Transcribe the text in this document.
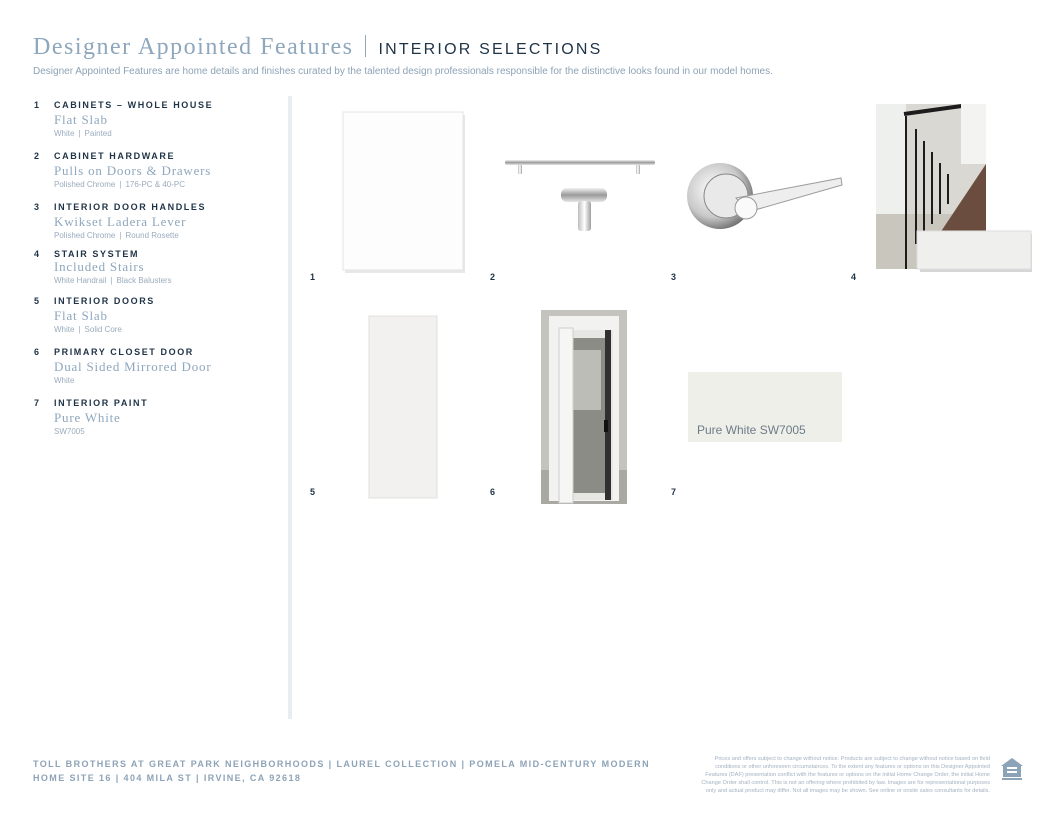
Designer Appointed Features INTERIOR SELECTIONS
Designer Appointed Features are home details and finishes curated by the talented design professionals responsible for the distinctive looks found in our model homes.
1	CABINETS – WHOLE HOUSE
Flat Slab
White | Painted
2	CABINET HARDWARE
Pulls on Doors & Drawers
Polished Chrome | 176-PC & 40-PC
3	INTERIOR DOOR HANDLES
Kwikset Ladera Lever
Polished Chrome | Round Rosette
4	STAIR SYSTEM
Included Stairs
White Handrail | Black Balusters
5	INTERIOR DOORS
Flat Slab
White | Solid Core
6	PRIMARY CLOSET DOOR
Dual Sided Mirrored Door
White
7	INTERIOR PAINT
Pure White
SW7005	Pure White SW7005
1	2	3	4
5	6	7
TOLL BROTHERS AT GREAT PARK NEIGHBORHOODS | LAUREL COLLECTION | POMELA MID-CENTURY MODERN
HOME SITE 16 | 404 MILA ST | IRVINE, CA 92618
Prices and offers subject to change without notice. Products are subject to change without notice based on field conditions or other unforeseen circumstances. To the extent any features or options on this Designer Appointed Features (DAF) presentation conflict with the features or options on the initial Home Change Order, the initial Home Change Order shall control. This is not an offering where prohibited by law. Images are for representational purposes only and actual product may differ. Not all images may be shown. See online or onsite sales consultants for details.
